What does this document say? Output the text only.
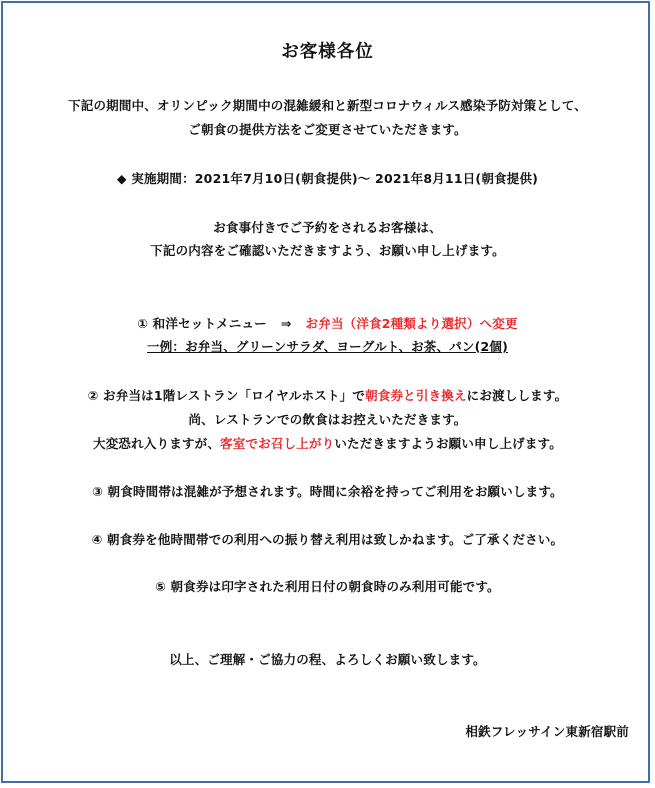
お客様各位
下記の期間中、オリンピック期間中の混雑緩和と新型コロナウィルス感染予防対策として、
ご朝食の提供方法をご変更させていただきます。
◆ 実施期間：2021年7月10日(朝食提供)～ 2021年8月11日(朝食提供)
お食事付きでご予約をされるお客様は、
下記の内容をご確認いただきますよう、お願い申し上げます。
① 和洋セットメニュー ⇒ お弁当（洋食2種類より選択）へ変更
一例：お弁当、グリーンサラダ、ヨーグルト、お茶、パン(2個)
② お弁当は1階レストラン「ロイヤルホスト」で朝食券と引き換えにお渡しします。
尚、レストランでの飲食はお控えいただきます。
大変恐れ入りますが、客室でお召し上がりいただきますようお願い申し上げます。
③ 朝食時間帯は混雑が予想されます。時間に余裕を持ってご利用をお願いします。
④ 朝食券を他時間帯での利用への振り替え利用は致しかねます。ご了承ください。
⑤ 朝食券は印字された利用日付の朝食時のみ利用可能です。
以上、ご理解・ご協力の程、よろしくお願い致します。
相鉄フレッサイン東新宿駅前
